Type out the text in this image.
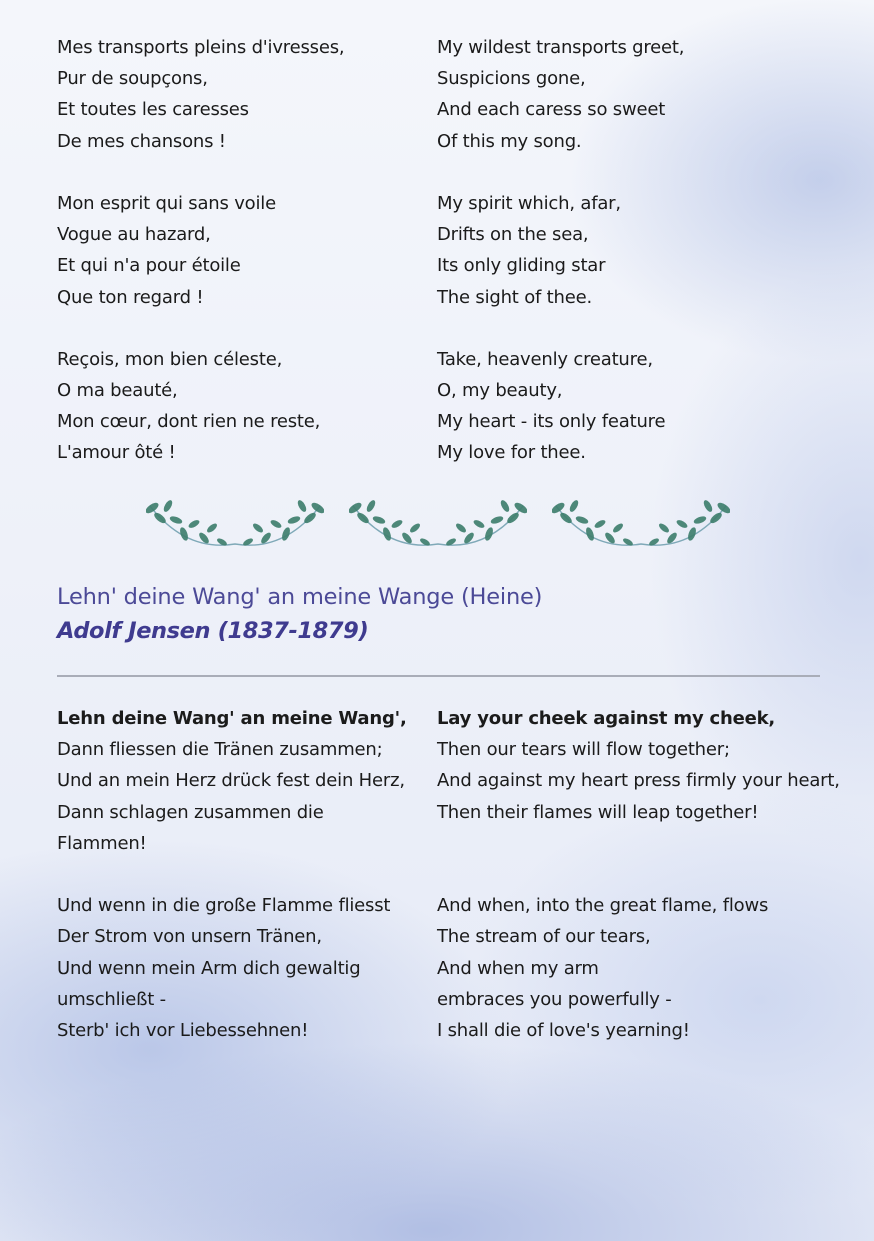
Mes transports pleins d'ivresses,
Pur de soupçons,
Et toutes les caresses
De mes chansons !
Mon esprit qui sans voile
Vogue au hazard,
Et qui n'a pour étoile
Que ton regard !
Reçois, mon bien céleste,
O ma beauté,
Mon cœur, dont rien ne reste,
L'amour ôté !
My wildest transports greet,
Suspicions gone,
And each caress so sweet
Of this my song.
My spirit which, afar,
Drifts on the sea,
Its only gliding star
The sight of thee.
Take, heavenly creature,
O, my beauty,
My heart - its only feature
My love for thee.
Lehn' deine Wang' an meine Wange (Heine)
Adolf Jensen (1837-1879)
Lehn deine Wang' an meine Wang',
Dann fliessen die Tränen zusammen;
Und an mein Herz drück fest dein Herz,
Dann schlagen zusammen die
Flammen!
Und wenn in die große Flamme fliesst
Der Strom von unsern Tränen,
Und wenn mein Arm dich gewaltig
umschließt -
Sterb' ich vor Liebessehnen!
Lay your cheek against my cheek,
Then our tears will flow together;
And against my heart press firmly your heart,
Then their flames will leap together!
And when, into the great flame, flows
The stream of our tears,
And when my arm
embraces you powerfully -
I shall die of love's yearning!
